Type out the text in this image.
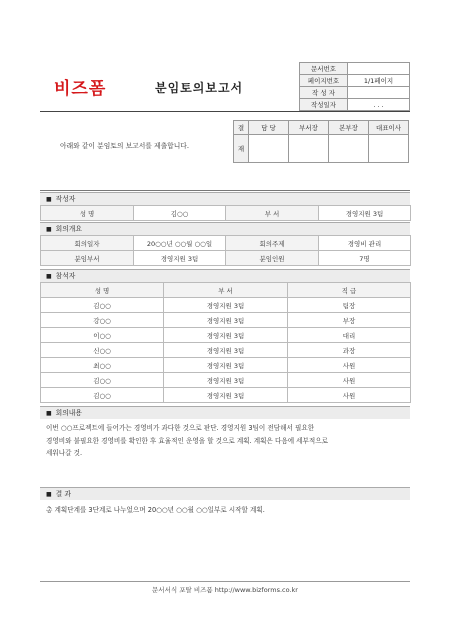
비즈폼	분임토의보고서
문서번호	
페이지번호	1/1페이지
작 성 자	
작성일자	. . .
아래와 같이 분임토의 보고서를 제출합니다.
결	담 당	부서장	본부장	대표이사
재				
■ 작성자
성 명	김○○	부 서	경영지원 3팀
■ 회의개요
회의일자	20○○년 ○○월 ○○일	회의주제	경영비 관리
분임부서	경영지원 3팀	분임인원	7명
■ 참석자
성 명	부 서	직 급
김○○	경영지원 3팀	팀장
강○○	경영지원 3팀	부장
이○○	경영지원 3팀	대리
신○○	경영지원 3팀	과장
최○○	경영지원 3팀	사원
김○○	경영지원 3팀	사원
김○○	경영지원 3팀	사원
■ 회의내용
이번 ○○프로젝트에 들어가는 경영비가 과다한 것으로 판단. 경영지원 3팀이 전담해서 필요한
경영비와 불필요한 경영비를 확인한 후 효율적인 운영을 할 것으로 계획. 계획은 다음에 세부적으로
세워나갈 것.
■ 결 과
총 계획단계를 3단계로 나누었으며 20○○년 ○○월 ○○일부로 시작할 계획.
문서서식 포탈 비즈폼 http://www.bizforms.co.kr
